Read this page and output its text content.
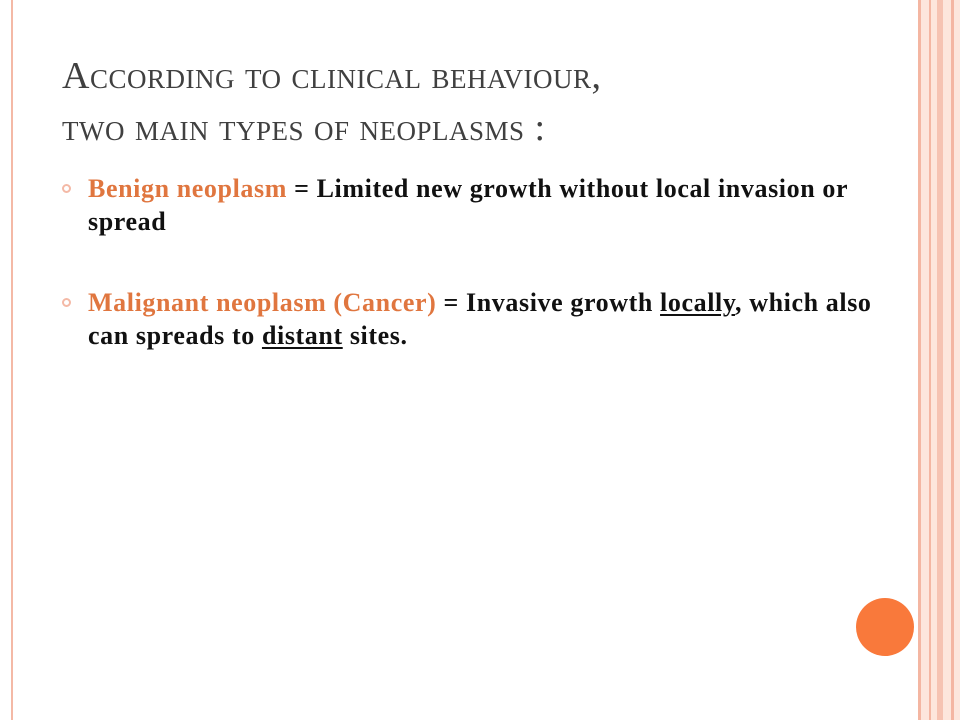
According to clinical behaviour,
two main types of neoplasms :
Benign neoplasm = Limited new growth without local invasion or spread
Malignant neoplasm (Cancer) = Invasive growth locally, which also can spreads to distant sites.
